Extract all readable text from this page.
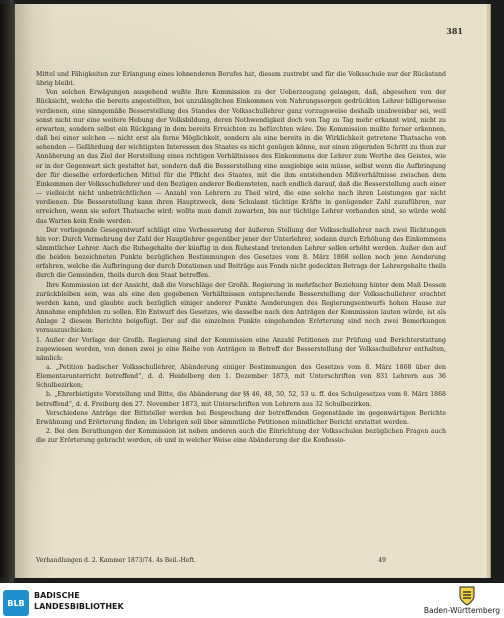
381

Mittel und Fähigkeiten zur Erlangung eines lohnenderen Berufes hat, diesem zustrebt und für die Volksschule nur der Rückstand übrig bleibt.

Von solchen Erwägungen ausgehend wußte Ihre Kommission zu der Ueberzeugung gelangen, daß, abgesehen von der Rücksicht, welche die bereits angestellten, bei unzulänglichen Einkommen von Nahrungssorgen gedrückten Lehrer billigerweise verdienen, eine sinngemäße Besserstellung des Standes der Volksschullehrer ganz vorzugsweise deshalb unabweisbar sei, weil sonst nicht nur eine weitere Hebung der Volksbildung, deren Nothwendigkeit doch von Tag zu Tag mehr erkannt wird, nicht zu erwarten, sondern selbst ein Rückgang in dem bereits Erreichten zu befürchten wäre. Die Kommission mußte ferner erkennen, daß bei einer solchen — nicht erst als ferne Möglichkeit, sondern als eine bereits in die Wirklichkeit getretene Thatsache von sehenden — Gefährdung der wichtigsten Interessen des Staates es nicht genügen könne, nur einen zögernden Schritt zu thun zur Annäherung an das Ziel der Herstellung eines richtigen Verhältnisses des Einkommens der Lehrer zum Werthe des Geistes, wie er in der Gegenwart sich gestaltet hat, sondern daß die Besserstellung eine ausgiebige sein müsse, selbst wenn die Aufbringung der für dieselbe erforderlichen Mittel für die Pflicht des Staates, mit die ihm entstehenden Mißverhältnisse zwischen dem Einkommen der Volksschullehrer und den Bezügen anderer Bediensteten, nach endlich darauf, daß die Besserstellung auch einer — vielleicht nicht unbeträchtlichen — Anzahl von Lehrern zu Theil wird, die eine solche nach ihren Leistungen gar nicht verdienen. Die Besserstellung kann ihren Hauptzweck, dem Schulamt tüchtige Kräfte in genügender Zahl zuzuführen, nur erreichen, wenn sie sofort Thatsache wird; wollte man damit zuwarten, bis nur tüchtige Lehrer vorhanden sind, so würde wohl das Warten kein Ende werden.

Der vorliegende Gesegentwurf schlägt eine Verbesserung der äußeren Stellung der Volksschullehrer nach zwei Richtungen hin vor: Durch Vermehrung der Zahl der Hauptlehrer gegenüber jener der Unterlehrer, sodann durch Erhöhung des Einkommens sämmtlicher Lehrer. Auch die Ruhegehalte der künftig in den Ruhestand tretenden Lehrer sollen erhöht werden. Außer den auf die beiden bezeichneten Punkte bezüglichen Bestimmungen des Gesetzes vom 8. März 1868 sollen noch jene Aenderung erfahren, welche die Aufbringung der durch Dotationen und Beiträge aus Fonds nicht gedeckten Betrags der Lehrergehalte theils durch die Gemeinden, theils durch den Staat betreffen.

Ihre Kommission ist der Ansicht, daß die Vorschläge der Großh. Regierung in mehrfacher Beziehung hinter dem Maß Dessen zurückbleiben sein, was als eine den gegebenen Verhältnissen entsprechende Besserstellung der Volksschullehrer erachtet werden kann, und glaubte auch bezüglich einiger anderer Punkte Aenderungen des Regierungsentwurfs hohen Hause zur Annahme empfehlen zu sollen. Ein Entwurf des Gesetzes, wie dasselbe nach den Anträgen der Kommission lauten würde, ist als Anlage 2 diesem Berichte beigefügt. Der auf die einzelnen Punkte eingehenden Erörterung sind noch zwei Bemerkungen vorauszuschicken:

1. Außer der Vorlage der Großh. Regierung sind der Kommission eine Anzahl Petitionen zur Prüfung und Berichterstattung zugewiesen worden, von denen zwei je eine Reihe von Anträgen in Betreff der Besserstellung der Volksschullehrer enthalten, nämlich:

a. „Petition badischer Volksschullehrer, Abänderung einiger Bestimmungen des Gesetzes vom 8. März 1868 über den Elementarunterricht betreffend“, d. d. Heidelberg den 1. Dezember 1873, mit Unterschriften von 831 Lehrern aus 36 Schulbezirken;

b. „Ehrerbietigste Vorstellung und Bitte, die Abänderung der §§ 46, 48, 50, 52, 53 u. ff. des Schulgesetzes vom 8. März 1868 betreffend“, d. d. Freiburg den 27. November 1873, mit Unterschriften von Lehrern aus 32 Schulbezirken.

Verschiedene Anträge der Bittsteller werden bei Besprechung der betreffenden Gegenstände im gegenwärtigen Berichte Erwähnung und Erörterung finden; im Uebrigen soll über sämmtliche Petitionen mündlicher Bericht erstattet werden.

2. Bei den Berathungen der Kommission ist neben anderen auch die Einrichtung der Volksschulen bezüglichen Fragen auch die zur Erörterung gebracht worden, ob und in welcher Weise eine Abänderung der die Konfessio-

Verhandlungen d. 2. Kammer 1873/74. 4s Beil.-Heft.	49
BLB
BADISCHE
LANDESBIBLIOTHEK	Baden-Württemberg
